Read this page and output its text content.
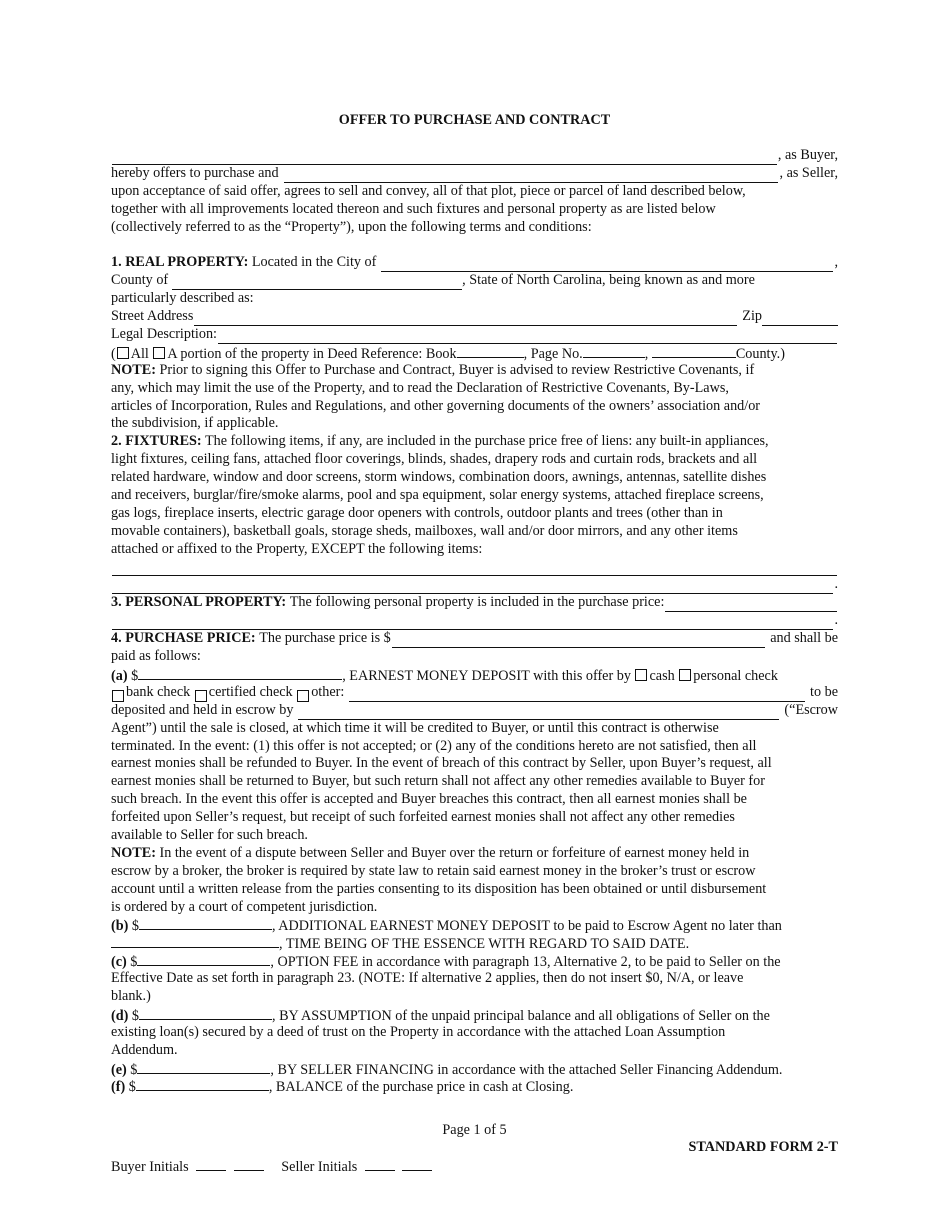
OFFER TO PURCHASE AND CONTRACT
, as Buyer,
hereby offers to purchase and	, as Seller,
upon acceptance of said offer, agrees to sell and convey, all of that plot, piece or parcel of land described below,
together with all improvements located thereon and such fixtures and personal property as are listed below
(collectively referred to as the “Property”), upon the following terms and conditions:
1. REAL PROPERTY:
Located in the City of	,
County of	, State of North Carolina, being known as and more
particularly described as:
Street Address	Zip
Legal Description:
( All A portion of the property in Deed Reference: Book	, Page No.	,	County.)
NOTE: Prior to signing this Offer to Purchase and Contract, Buyer is advised to review Restrictive Covenants, if
any, which may limit the use of the Property, and to read the Declaration of Restrictive Covenants, By-Laws,
articles of Incorporation, Rules and Regulations, and other governing documents of the owners’ association and/or
the subdivision, if applicable.
2. FIXTURES: The following items, if any, are included in the purchase price free of liens: any built-in appliances,
light fixtures, ceiling fans, attached floor coverings, blinds, shades, drapery rods and curtain rods, brackets and all
related hardware, window and door screens, storm windows, combination doors, awnings, antennas, satellite dishes
and receivers, burglar/fire/smoke alarms, pool and spa equipment, solar energy systems, attached fireplace screens,
gas logs, fireplace inserts, electric garage door openers with controls, outdoor plants and trees (other than in
movable containers), basketball goals, storage sheds, mailboxes, wall and/or door mirrors, and any other items
attached or affixed to the Property, EXCEPT the following items:
.
3. PERSONAL PROPERTY:
The following personal property is included in the purchase price:
.
4. PURCHASE PRICE:
The purchase price is $	and shall be
paid as follows:
(a) $	, EARNEST MONEY DEPOSIT with this offer by cash personal check
bank check
certified check
other:	to be
deposited and held in escrow by	(“Escrow
Agent”) until the sale is closed, at which time it will be credited to Buyer, or until this contract is otherwise
terminated. In the event: (1) this offer is not accepted; or (2) any of the conditions hereto are not satisfied, then all
earnest monies shall be refunded to Buyer. In the event of breach of this contract by Seller, upon Buyer’s request, all
earnest monies shall be returned to Buyer, but such return shall not affect any other remedies available to Buyer for
such breach. In the event this offer is accepted and Buyer breaches this contract, then all earnest monies shall be
forfeited upon Seller’s request, but receipt of such forfeited earnest monies shall not affect any other remedies
available to Seller for such breach.
NOTE: In the event of a dispute between Seller and Buyer over the return or forfeiture of earnest money held in
escrow by a broker, the broker is required by state law to retain said earnest money in the broker’s trust or escrow
account until a written release from the parties consenting to its disposition has been obtained or until disbursement
is ordered by a court of competent jurisdiction.
(b) $	, ADDITIONAL EARNEST MONEY DEPOSIT to be paid to Escrow Agent no later than
, TIME BEING OF THE ESSENCE WITH REGARD TO SAID DATE.
(c) $	, OPTION FEE in accordance with paragraph 13, Alternative 2, to be paid to Seller on the
Effective Date as set forth in paragraph 23. (NOTE: If alternative 2 applies, then do not insert $0, N/A, or leave
blank.)
(d) $	, BY ASSUMPTION of the unpaid principal balance and all obligations of Seller on the
existing loan(s) secured by a deed of trust on the Property in accordance with the attached Loan Assumption
Addendum.
(e) $	, BY SELLER FINANCING in accordance with the attached Seller Financing Addendum.
(f) $	, BALANCE of the purchase price in cash at Closing.
Page 1 of 5
STANDARD FORM 2-T
Buyer Initials	Seller Initials
